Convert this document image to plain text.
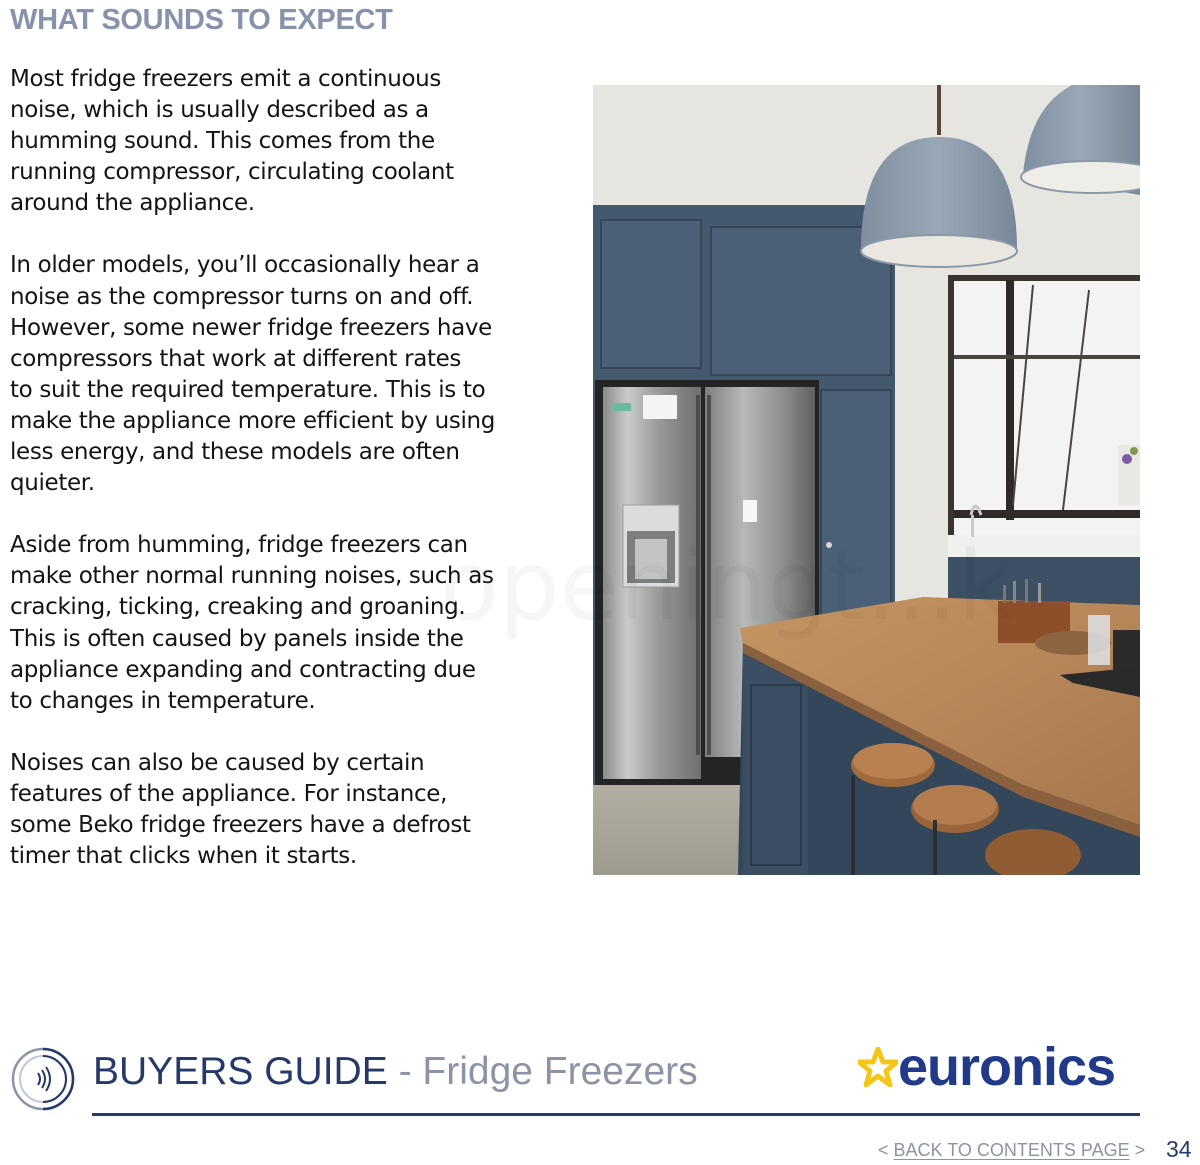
WHAT SOUNDS TO EXPECT

Most fridge freezers emit a continuous
noise, which is usually described as a
humming sound. This comes from the
running compressor, circulating coolant
around the appliance.

In older models, you’ll occasionally hear a
noise as the compressor turns on and off.
However, some newer fridge freezers have
compressors that work at different rates
to suit the required temperature. This is to
make the appliance more efficient by using
less energy, and these models are often
quieter.

Aside from humming, fridge freezers can
make other normal running noises, such as
cracking, ticking, creaking and groaning.
This is often caused by panels inside the
appliance expanding and contracting due
to changes in temperature.

Noises can also be caused by certain
features of the appliance. For instance,
some Beko fridge freezers have a defrost
timer that clicks when it starts.

BUYERS GUIDE - Fridge Freezers	euronics
< BACK TO CONTENTS PAGE > 34
